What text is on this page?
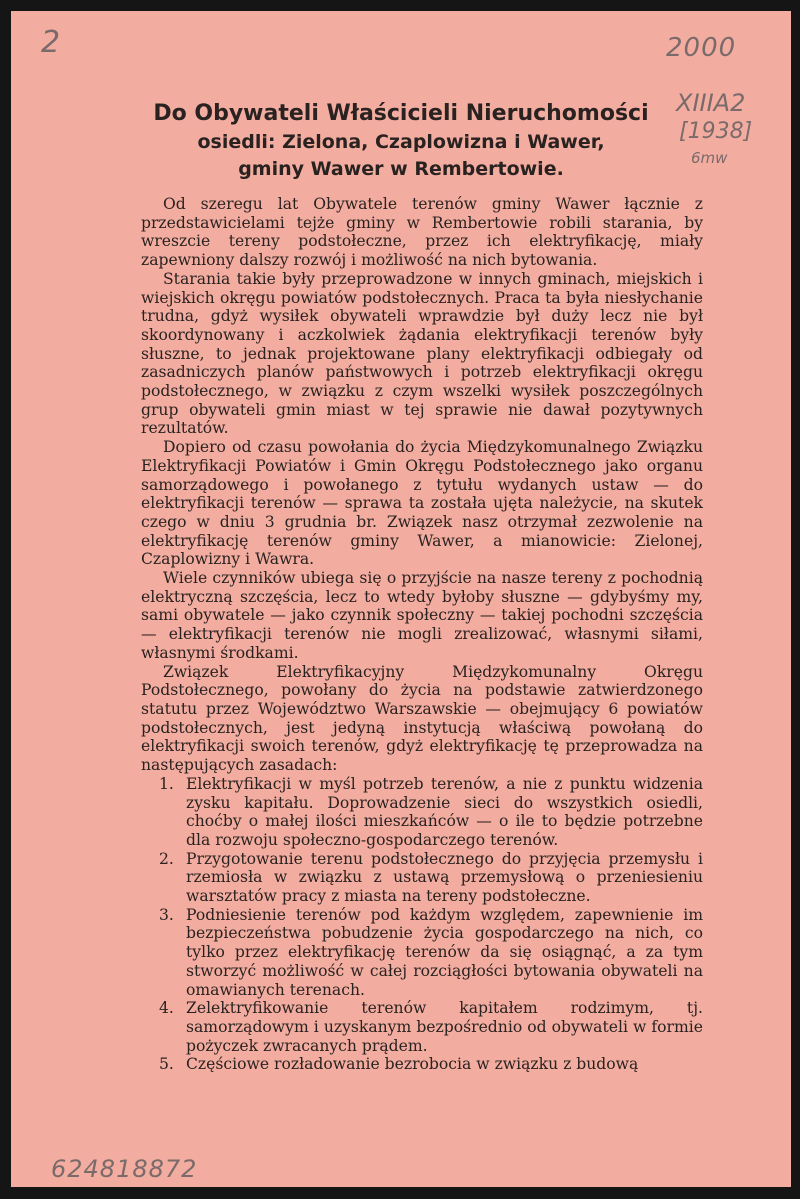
2	2000
XIIIA2
[1938]
6mw
Do Obywateli Właścicieli Nieruchomości
osiedli: Zielona, Czaplowizna i Wawer,
gminy Wawer w Rembertowie.

Od szeregu lat Obywatele terenów gminy Wawer łącznie z przedstawicielami tejże gminy w Rembertowie robili starania, by wreszcie tereny podstołeczne, przez ich elektryfikację, miały zapewniony dalszy rozwój i możliwość na nich bytowania.

Starania takie były przeprowadzone w innych gminach, miejskich i wiejskich okręgu powiatów podstołecznych. Praca ta była niesłychanie trudna, gdyż wysiłek obywateli wprawdzie był duży lecz nie był skoordynowany i aczkolwiek żądania elektryfikacji terenów były słuszne, to jednak projektowane plany elektryfikacji odbiegały od zasadniczych planów państwowych i potrzeb elektryfikacji okręgu podstołecznego, w związku z czym wszelki wysiłek poszczególnych grup obywateli gmin miast w tej sprawie nie dawał pozytywnych rezultatów.

Dopiero od czasu powołania do życia Międzykomunalnego Związku Elektryfikacji Powiatów i Gmin Okręgu Podstołecznego jako organu samorządowego i powołanego z tytułu wydanych ustaw — do elektryfikacji terenów — sprawa ta została ujęta należycie, na skutek czego w dniu 3 grudnia br. Związek nasz otrzymał zezwolenie na elektryfikację terenów gminy Wawer, a mianowicie: Zielonej, Czaplowizny i Wawra.

Wiele czynników ubiega się o przyjście na nasze tereny z pochodnią elektryczną szczęścia, lecz to wtedy byłoby słuszne — gdybyśmy my, sami obywatele — jako czynnik społeczny — takiej pochodni szczęścia — elektryfikacji terenów nie mogli zrealizować, własnymi siłami, własnymi środkami.

Związek Elektryfikacyjny Międzykomunalny Okręgu Podstołecznego, powołany do życia na podstawie zatwierdzonego statutu przez Województwo Warszawskie — obejmujący 6 powiatów podstołecznych, jest jedyną instytucją właściwą powołaną do elektryfikacji swoich terenów, gdyż elektryfikację tę przeprowadza na następujących zasadach:

1. Elektryfikacji w myśl potrzeb terenów, a nie z punktu widzenia zysku kapitału. Doprowadzenie sieci do wszystkich osiedli, choćby o małej ilości mieszkańców — o ile to będzie potrzebne dla rozwoju społeczno-gospodarczego terenów.
2. Przygotowanie terenu podstołecznego do przyjęcia przemysłu i rzemiosła w związku z ustawą przemysłową o przeniesieniu warsztatów pracy z miasta na tereny podstołeczne.
3. Podniesienie terenów pod każdym względem, zapewnienie im bezpieczeństwa pobudzenie życia gospodarczego na nich, co tylko przez elektryfikację terenów da się osiągnąć, a za tym stworzyć możliwość w całej rozciągłości bytowania obywateli na omawianych terenach.
4. Zelektryfikowanie terenów kapitałem rodzimym, tj. samorządowym i uzyskanym bezpośrednio od obywateli w formie pożyczek zwracanych prądem.
5. Częściowe rozładowanie bezrobocia w związku z budową
624818872
